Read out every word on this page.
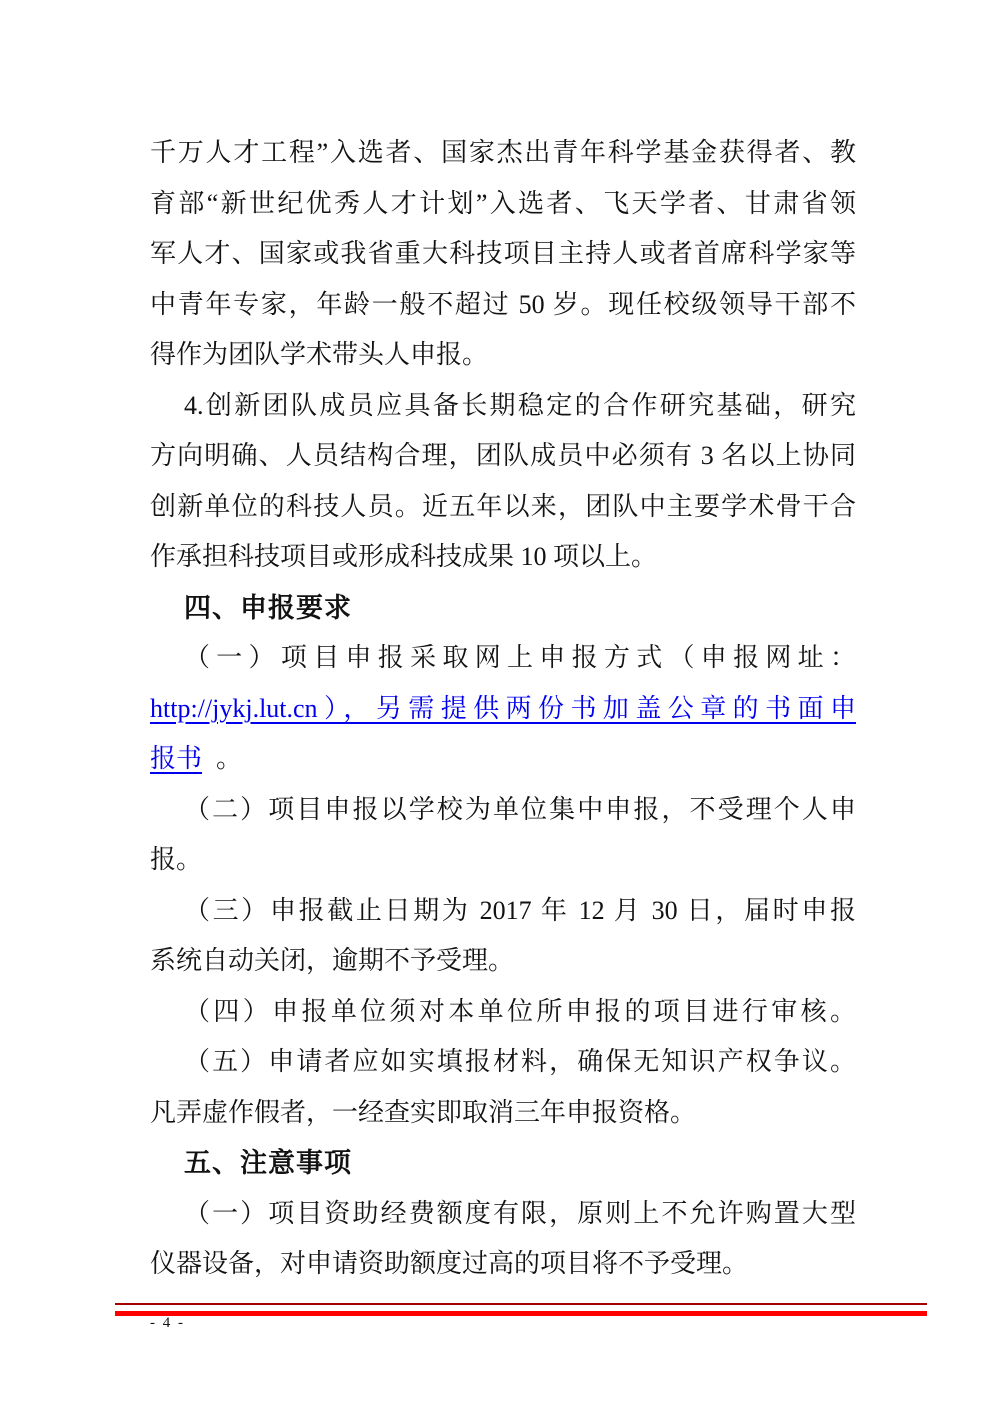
千万人才工程”入选者、国家杰出青年科学基金获得者、教
育部“新世纪优秀人才计划”入选者、飞天学者、甘肃省领
军人才、国家或我省重大科技项目主持人或者首席科学家等
中青年专家，年龄一般不超过 50 岁。现任校级领导干部不
得作为团队学术带头人申报。
4.创新团队成员应具备长期稳定的合作研究基础，研究
方向明确、人员结构合理，团队成员中必须有 3 名以上协同
创新单位的科技人员。近五年以来，团队中主要学术骨干合
作承担科技项目或形成科技成果 10 项以上。
四、申报要求
（一）项目申报采取网上申报方式（申报网址：
http://jykj.lut.cn），另需提供两份书加盖公章的书面申
报书 。
（二）项目申报以学校为单位集中申报，不受理个人申
报。
（三）申报截止日期为 2017 年 12 月 30 日，届时申报
系统自动关闭，逾期不予受理。
（四）申报单位须对本单位所申报的项目进行审核。
（五）申请者应如实填报材料，确保无知识产权争议。
凡弄虚作假者，一经查实即取消三年申报资格。
五、注意事项
（一）项目资助经费额度有限，原则上不允许购置大型
仪器设备，对申请资助额度过高的项目将不予受理。
- 4 -
